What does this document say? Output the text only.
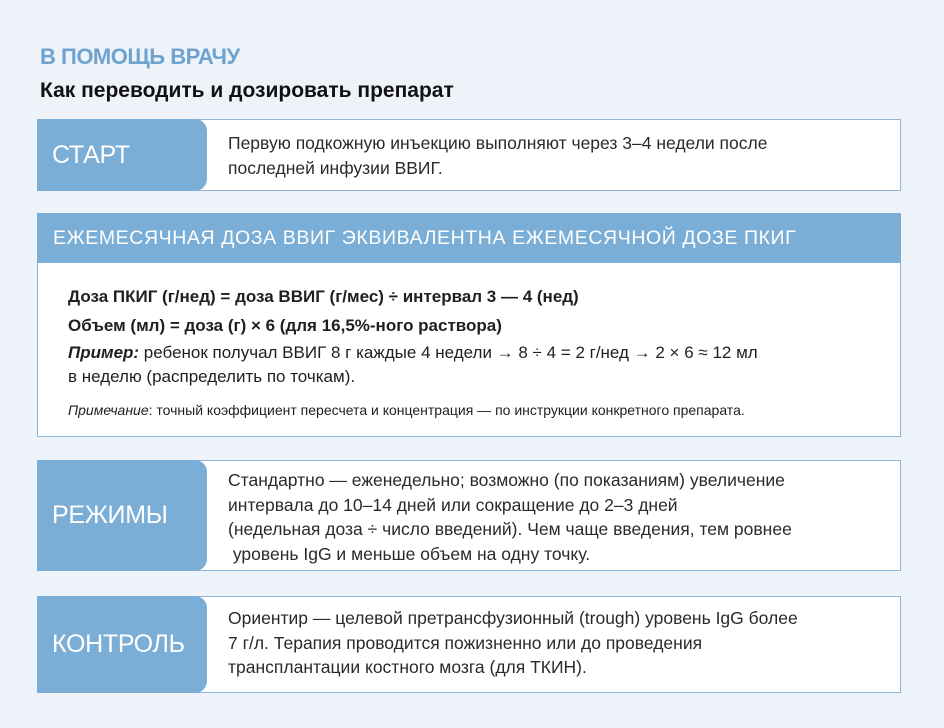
В ПОМОЩЬ ВРАЧУ
Как переводить и дозировать препарат
СТАРТ	Первую подкожную инъекцию выполняют через 3–4 недели после
последней инфузии ВВИГ.
ЕЖЕМЕСЯЧНАЯ ДОЗА ВВИГ ЭКВИВАЛЕНТНА ЕЖЕМЕСЯЧНОЙ ДОЗЕ ПКИГ
Доза ПКИГ (г/нед) = доза ВВИГ (г/мес) ÷ интервал 3 — 4 (нед)
Объем (мл) = доза (г) × 6 (для 16,5%-ного раствора)
Пример: ребенок получал ВВИГ 8 г каждые 4 недели → 8 ÷ 4 = 2 г/нед → 2 × 6 ≈ 12 мл
в неделю (распределить по точкам).
Примечание: точный коэффициент пересчета и концентрация — по инструкции конкретного препарата.
РЕЖИМЫ
Стандартно — еженедельно; возможно (по показаниям) увеличение
интервала до 10–14 дней или сокращение до 2–3 дней
(недельная доза ÷ число введений). Чем чаще введения, тем ровнее
уровень IgG и меньше объем на одну точку.
КОНТРОЛЬ
Ориентир — целевой претрансфузионный (trough) уровень IgG более
7 г/л. Терапия проводится пожизненно или до проведения
трансплантации костного мозга (для ТКИН).
